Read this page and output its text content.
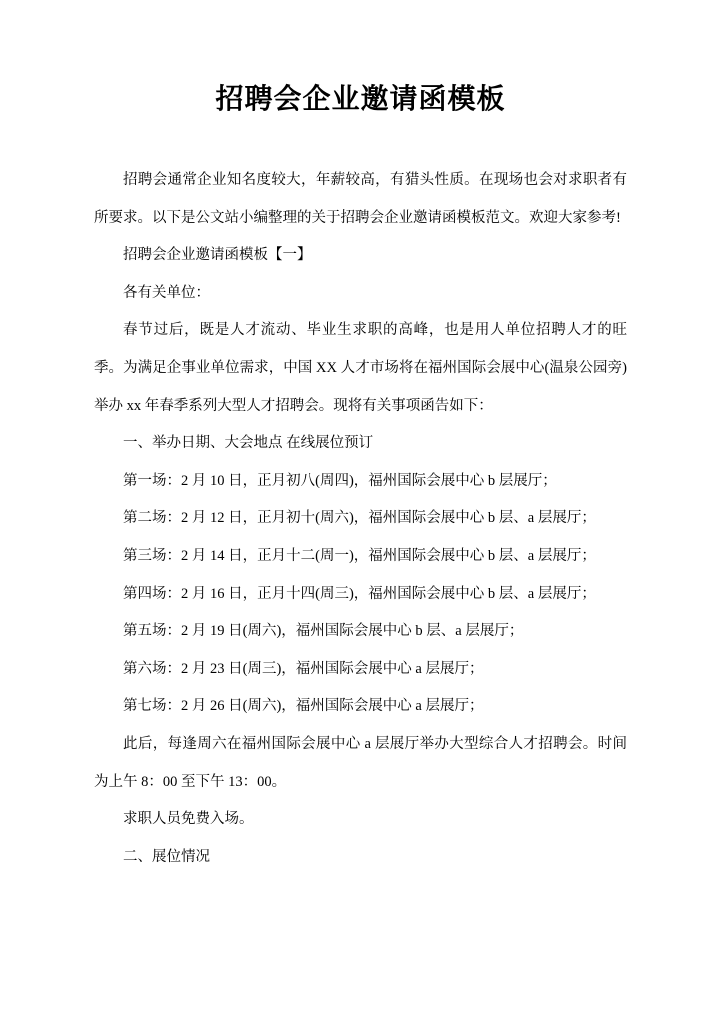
招聘会企业邀请函模板

招聘会通常企业知名度较大，年薪较高，有猎头性质。在现场也会对求职者有所要求。以下是公文站小编整理的关于招聘会企业邀请函模板范文。欢迎大家参考!

招聘会企业邀请函模板【一】

各有关单位：

春节过后，既是人才流动、毕业生求职的高峰，也是用人单位招聘人才的旺季。为满足企事业单位需求，中国 XX 人才市场将在福州国际会展中心(温泉公园旁)举办 xx 年春季系列大型人才招聘会。现将有关事项函告如下：

一、举办日期、大会地点 在线展位预订

第一场：2 月 10 日，正月初八(周四)，福州国际会展中心 b 层展厅；

第二场：2 月 12 日，正月初十(周六)，福州国际会展中心 b 层、a 层展厅；

第三场：2 月 14 日，正月十二(周一)，福州国际会展中心 b 层、a 层展厅；

第四场：2 月 16 日，正月十四(周三)，福州国际会展中心 b 层、a 层展厅；

第五场：2 月 19 日(周六)，福州国际会展中心 b 层、a 层展厅；

第六场：2 月 23 日(周三)，福州国际会展中心 a 层展厅；

第七场：2 月 26 日(周六)，福州国际会展中心 a 层展厅；

此后，每逢周六在福州国际会展中心 a 层展厅举办大型综合人才招聘会。时间为上午 8：00 至下午 13：00。

求职人员免费入场。

二、展位情况
